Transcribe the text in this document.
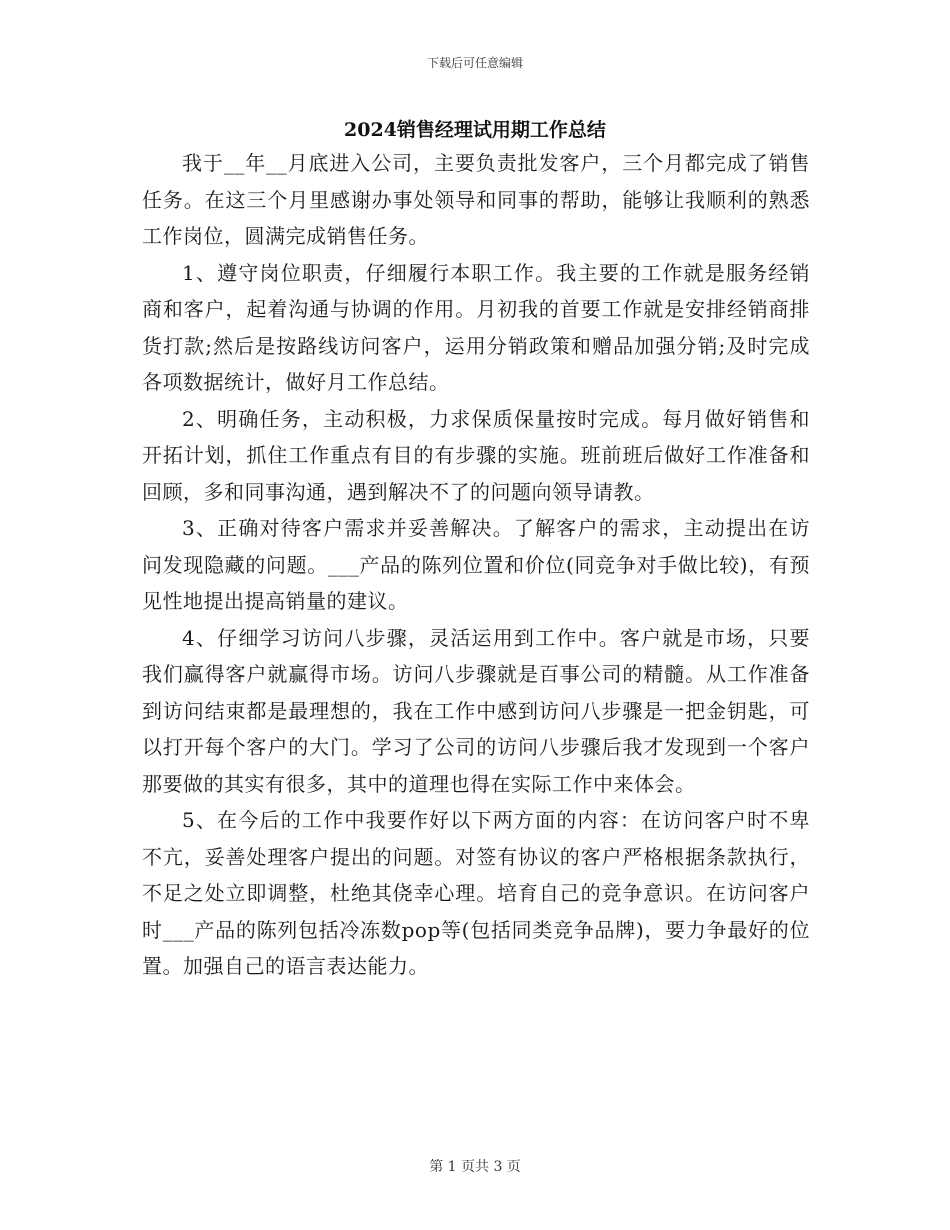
下载后可任意编辑
2024销售经理试用期工作总结

我于__年__月底进入公司，主要负责批发客户，三个月都完成了销售任务。在这三个月里感谢办事处领导和同事的帮助，能够让我顺利的熟悉工作岗位，圆满完成销售任务。

1、遵守岗位职责，仔细履行本职工作。我主要的工作就是服务经销商和客户，起着沟通与协调的作用。月初我的首要工作就是安排经销商排货打款;然后是按路线访问客户，运用分销政策和赠品加强分销;及时完成各项数据统计，做好月工作总结。

2、明确任务，主动积极，力求保质保量按时完成。每月做好销售和开拓计划，抓住工作重点有目的有步骤的实施。班前班后做好工作准备和回顾，多和同事沟通，遇到解决不了的问题向领导请教。

3、正确对待客户需求并妥善解决。了解客户的需求，主动提出在访问发现隐藏的问题。___产品的陈列位置和价位(同竞争对手做比较)，有预见性地提出提高销量的建议。

4、仔细学习访问八步骤，灵活运用到工作中。客户就是市场，只要我们赢得客户就赢得市场。访问八步骤就是百事公司的精髓。从工作准备到访问结束都是最理想的，我在工作中感到访问八步骤是一把金钥匙，可以打开每个客户的大门。学习了公司的访问八步骤后我才发现到一个客户那要做的其实有很多，其中的道理也得在实际工作中来体会。

5、在今后的工作中我要作好以下两方面的内容：在访问客户时不卑不亢，妥善处理客户提出的问题。对签有协议的客户严格根据条款执行，不足之处立即调整，杜绝其侥幸心理。培育自己的竞争意识。在访问客户时___产品的陈列包括冷冻数pop等(包括同类竞争品牌)，要力争最好的位置。加强自己的语言表达能力。

第 1 页共 3 页
